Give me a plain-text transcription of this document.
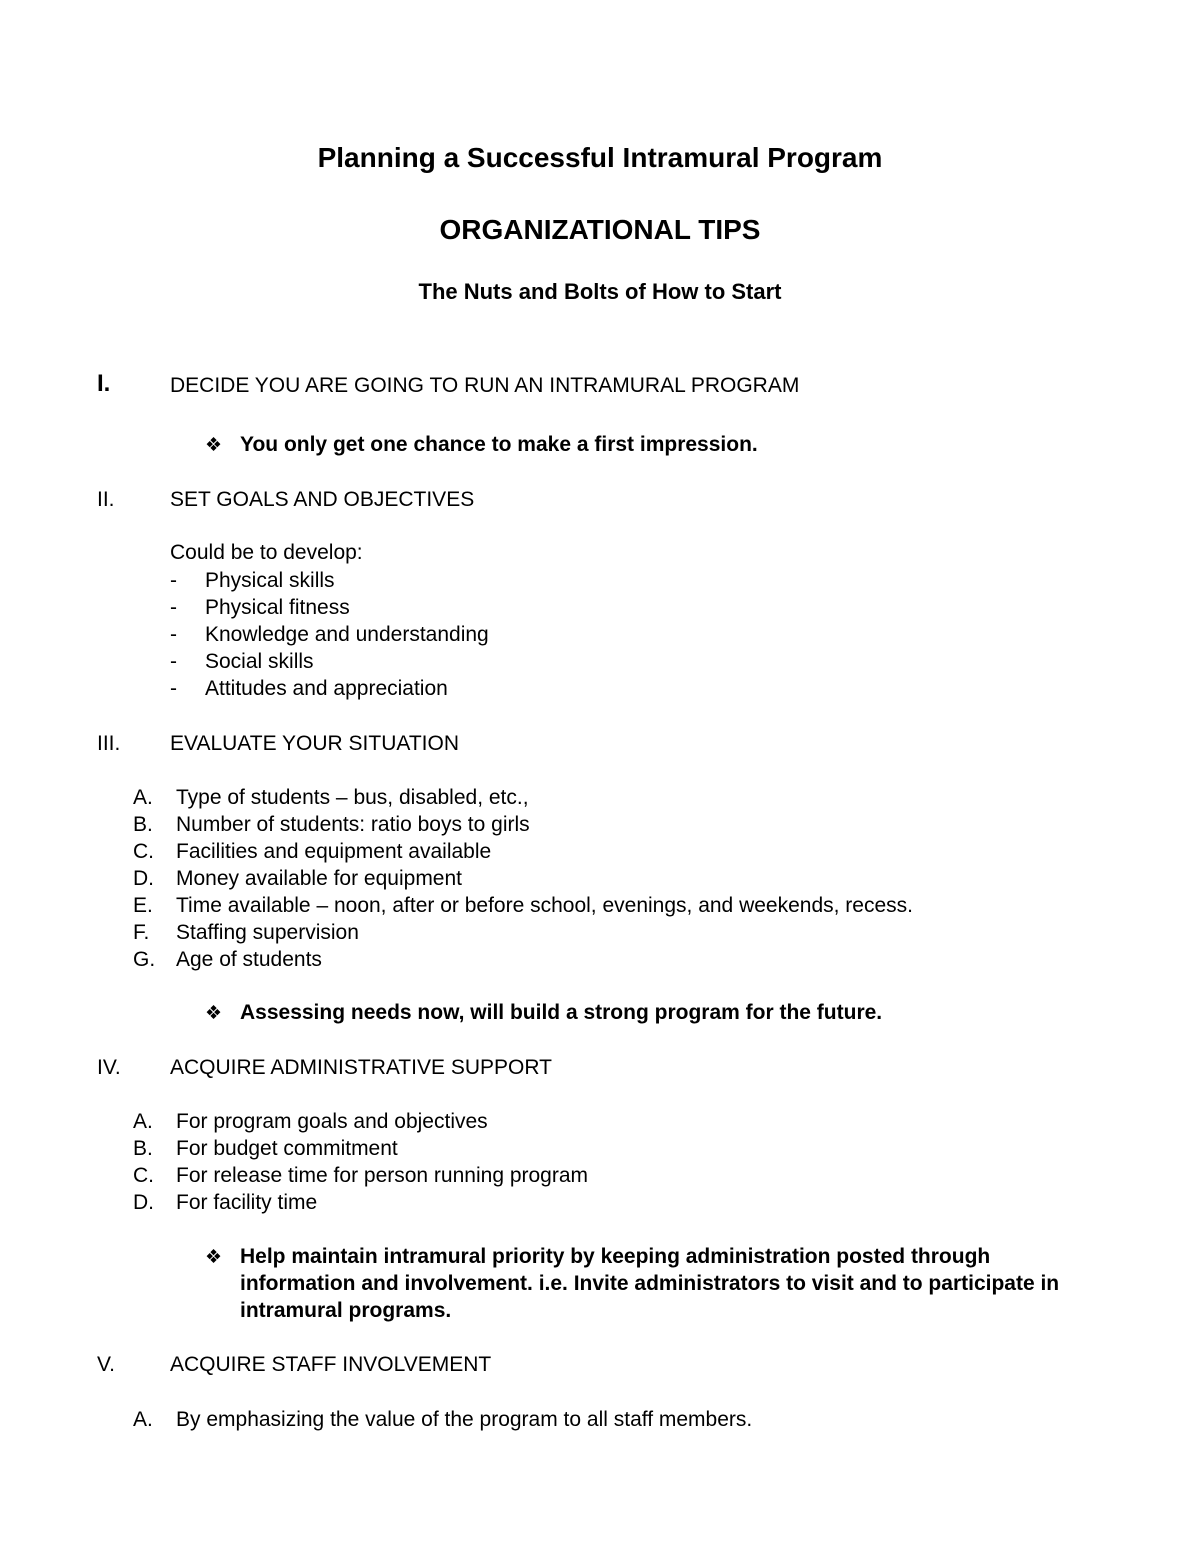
Planning a Successful Intramural Program
ORGANIZATIONAL TIPS
The Nuts and Bolts of How to Start
I.	DECIDE YOU ARE GOING TO RUN AN INTRAMURAL PROGRAM
❖ You only get one chance to make a first impression.
II.	SET GOALS AND OBJECTIVES
Could be to develop:
- Physical skills
- Physical fitness
- Knowledge and understanding
- Social skills
- Attitudes and appreciation
III. EVALUATE YOUR SITUATION
A. Type of students – bus, disabled, etc.,
B. Number of students: ratio boys to girls
C. Facilities and equipment available
D. Money available for equipment
E. Time available – noon, after or before school, evenings, and weekends, recess.
F. Staffing supervision
G. Age of students
❖ Assessing needs now, will build a strong program for the future.
IV. ACQUIRE ADMINISTRATIVE SUPPORT
A. For program goals and objectives
B. For budget commitment
C. For release time for person running program
D. For facility time
❖ Help maintain intramural priority by keeping administration posted through information and involvement. i.e. Invite administrators to visit and to participate in intramural programs.
V.	ACQUIRE STAFF INVOLVEMENT
A. By emphasizing the value of the program to all staff members.
